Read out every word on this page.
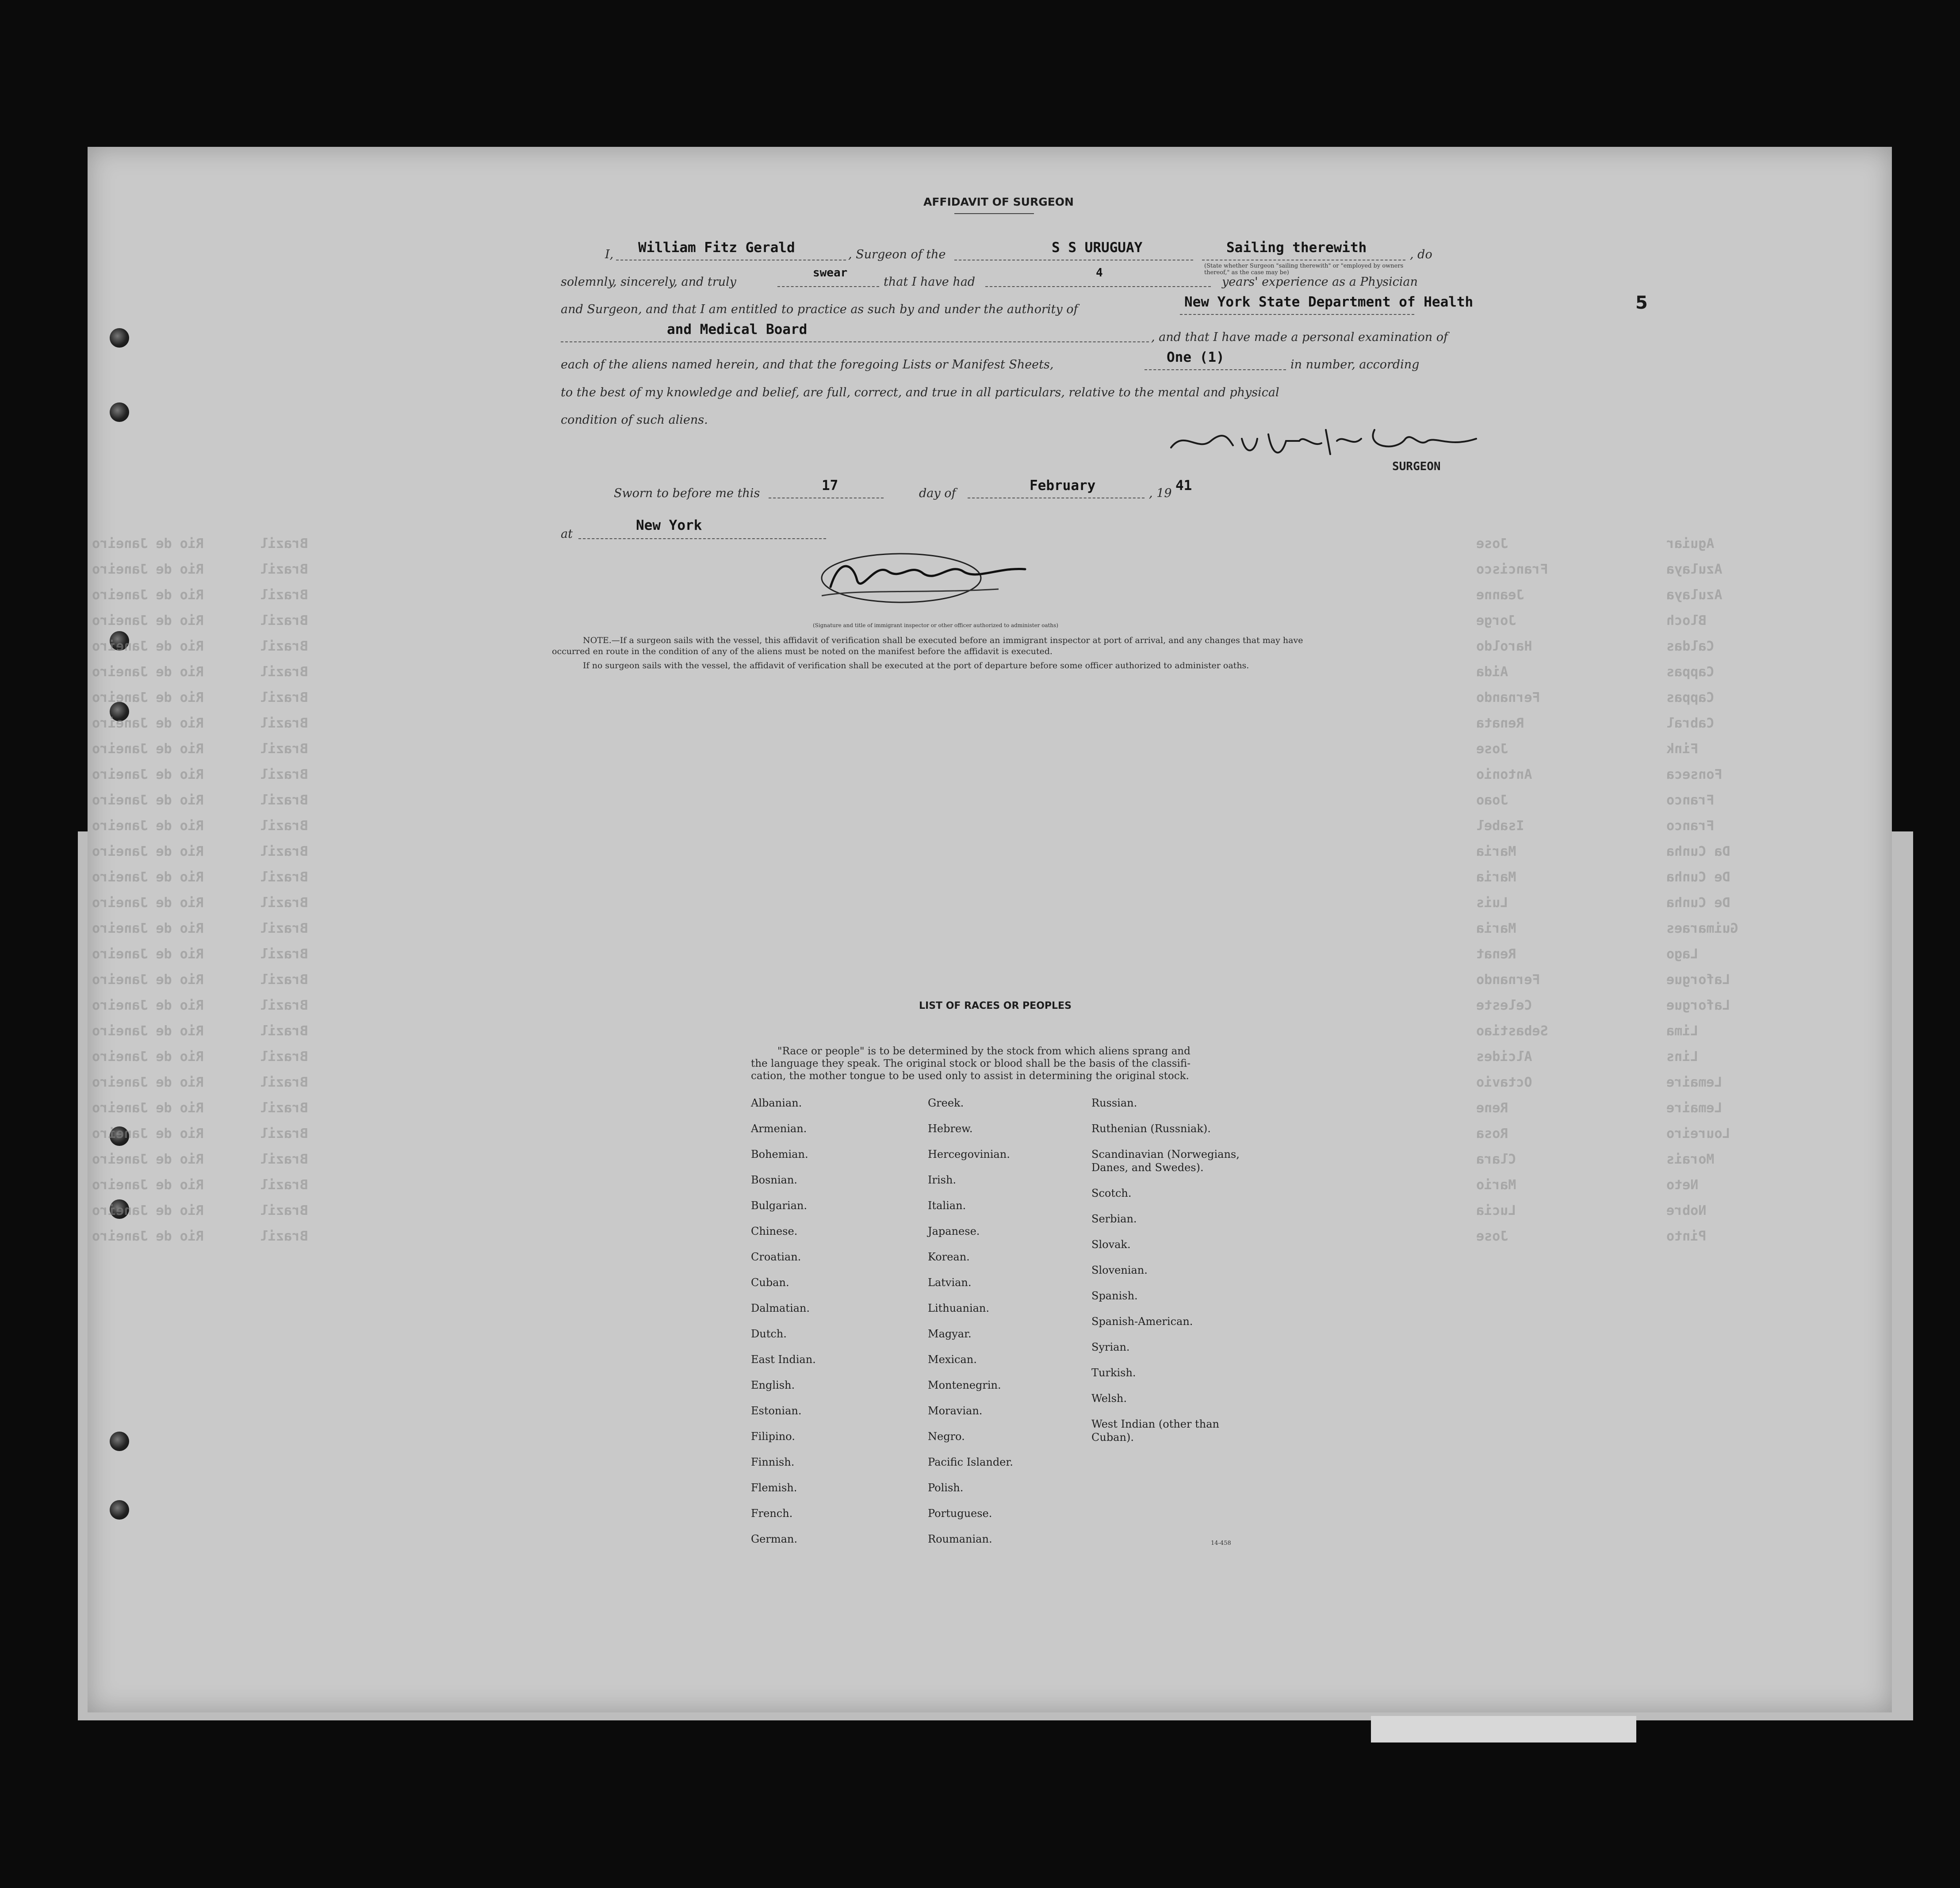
5
Rio de Janeiro	Brazil	Jose	Aguiar
Rio de Janeiro	Brazil	Francisco	Azulaya
Rio de Janeiro	Brazil	Jeanne	Azulaya
Rio de Janeiro	Brazil	Jorge	Bloch
Rio de Janeiro	Brazil	Haroldo	Caldas
Rio de Janeiro	Brazil	Aida	Cappas
Rio de Janeiro	Brazil	Fernando	Cappas
Rio de Janeiro	Brazil	Renata	Cabral
Rio de Janeiro	Brazil	Jose	Fink
Rio de Janeiro	Brazil	Antonio	Fonseca
Rio de Janeiro	Brazil	Joao	Franco
Rio de Janeiro	Brazil	Isabel	Franco
Rio de Janeiro	Brazil	Maria	Da Cunha
Rio de Janeiro	Brazil	Maria	De Cunha
Rio de Janeiro	Brazil	Luis	De Cunha
Rio de Janeiro	Brazil	Maria	Guimaraes
Rio de Janeiro	Brazil	Renat	Lago
Rio de Janeiro	Brazil	Fernando	Laforgue
Rio de Janeiro	Brazil	Celeste	Laforgue
Rio de Janeiro	Brazil	Sebastiao	Lima
Rio de Janeiro	Brazil	Alcides	Lins
Rio de Janeiro	Brazil	Octavio	Lemaire
Rio de Janeiro	Brazil	Rene	Lemaire
Rio de Janeiro	Brazil	Rosa	Loureiro
Rio de Janeiro	Brazil	Clara	Morais
Rio de Janeiro	Brazil	Mario	Neto
Rio de Janeiro	Brazil	Lucia	Nobre
Rio de Janeiro	Brazil	Jose	Pinto
AFFIDAVIT OF SURGEON
I, William Fitz Gerald	, Surgeon of the	S S URUGUAY	Sailing therewith
(State whether Surgeon "sailing therewith" or "employed by owners thereof," as the case may be)
, do
solemnly, sincerely, and truly
swear
that I have had
4
years' experience as a Physician
and Surgeon, and that I am entitled to practice as such by and under the authority of	New York State Department of Health
and Medical Board	, and that I have made a personal examination of
each of the aliens named herein, and that the foregoing Lists or Manifest Sheets,	One (1)	in number, according
to the best of my knowledge and belief, are full, correct, and true in all particulars, relative to the mental and physical
condition of such aliens.
SURGEON
Sworn to before me this	17	day of	February	, 19 41
at
New York
(Signature and title of immigrant inspector or other officer authorized to administer oaths)
NOTE.—If a surgeon sails with the vessel, this affidavit of verification shall be executed before an immigrant inspector at port of arrival, and any changes that may have
occurred en route in the condition of any of the aliens must be noted on the manifest before the affidavit is executed.
If no surgeon sails with the vessel, the affidavit of verification shall be executed at the port of departure before some officer authorized to administer oaths.
LIST OF RACES OR PEOPLES
"Race or people" is to be determined by the stock from which aliens sprang and
the language they speak. The original stock or blood shall be the basis of the classifi-
cation, the mother tongue to be used only to assist in determining the original stock.
Albanian.
Armenian.
Bohemian.
Bosnian.
Bulgarian.
Chinese.
Croatian.
Cuban.
Dalmatian.
Dutch.
East Indian.
English.
Estonian.
Filipino.
Finnish.
Flemish.
French.
German.
Greek.
Hebrew.
Hercegovinian.
Irish.
Italian.
Japanese.
Korean.
Latvian.
Lithuanian.
Magyar.
Mexican.
Montenegrin.
Moravian.
Negro.
Pacific Islander.
Polish.
Portuguese.
Roumanian.
Russian.
Ruthenian (Russniak).
Scandinavian (Norwegians,
Danes, and Swedes).
Scotch.
Serbian.
Slovak.
Slovenian.
Spanish.
Spanish-American.
Syrian.
Turkish.
Welsh.
West Indian (other than
Cuban).
14-458
